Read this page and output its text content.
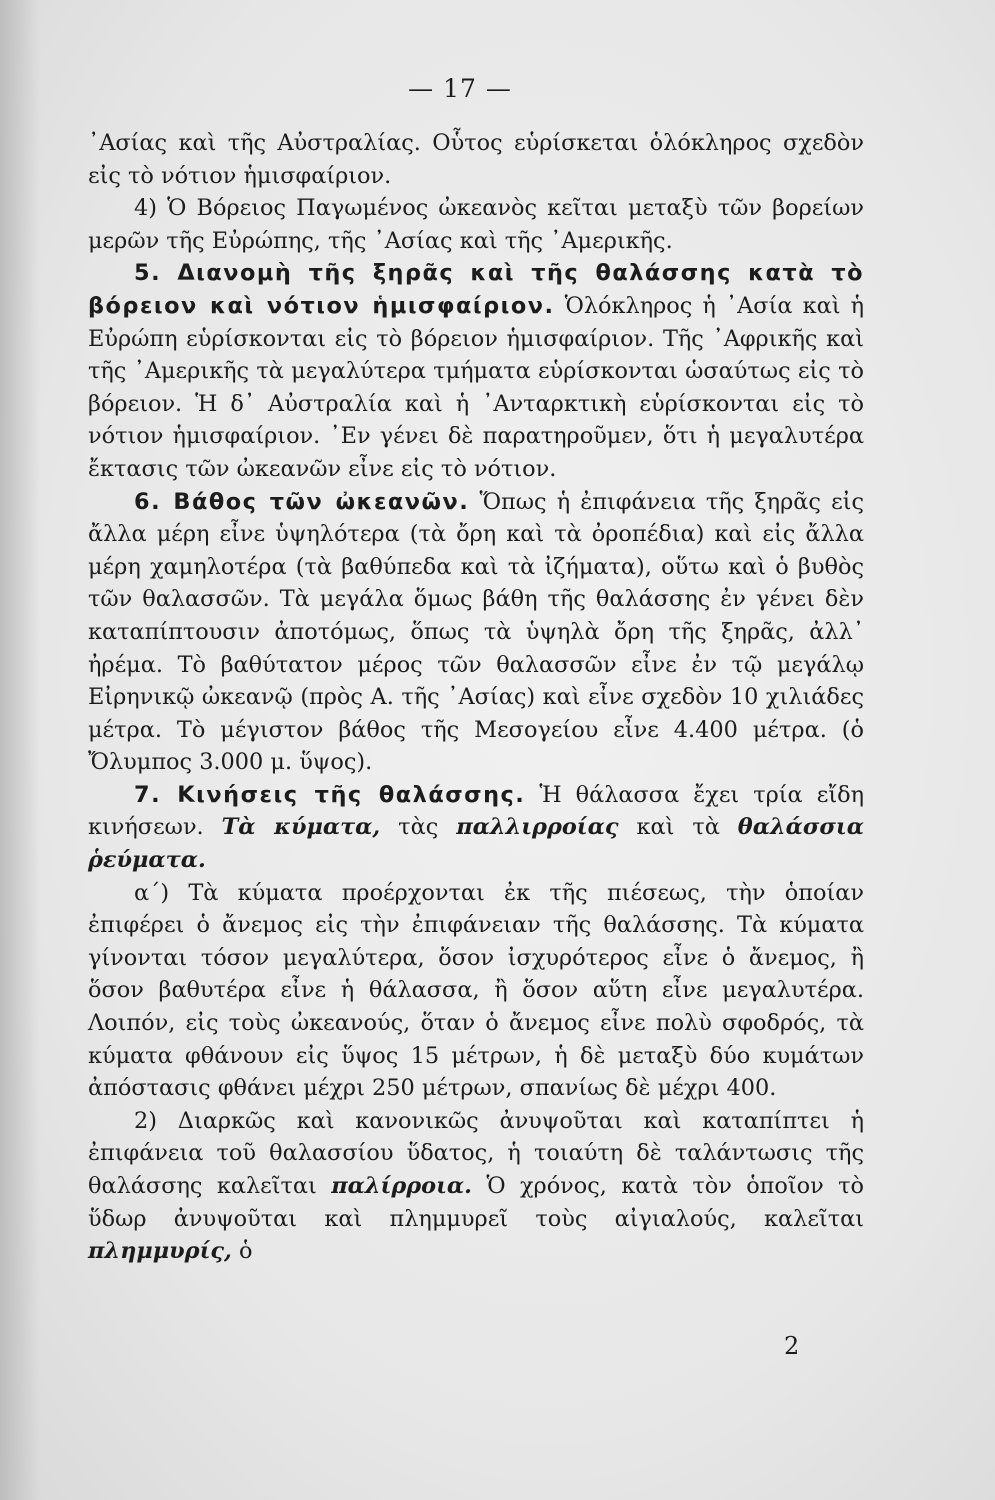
— 17 —

᾿Ασίας καὶ τῆς Αὐστραλίας. Οὗτος εὑρίσκεται ὁλόκληρος σχεδὸν εἰς τὸ νότιον ἡμισφαίριον.

4) Ὁ Βόρειος Παγωμένος ὠκεανὸς κεῖται μεταξὺ τῶν βορείων μερῶν τῆς Εὐρώπης, τῆς ᾿Ασίας καὶ τῆς ᾿Αμερικῆς.

5. Διανομὴ τῆς ξηρᾶς καὶ τῆς θαλάσσης κατὰ τὸ βόρειον καὶ νότιον ἡμισφαίριον. Ὁλόκληρος ἡ ᾿Ασία καὶ ἡ Εὐρώπη εὑρίσκονται εἰς τὸ βόρειον ἡμισφαίριον. Τῆς ᾿Αφρικῆς καὶ τῆς ᾿Αμερικῆς τὰ μεγαλύτερα τμήματα εὑρίσκονται ὡσαύτως εἰς τὸ βόρειον. Ἡ δ᾿ Αὐστραλία καὶ ἡ ᾿Ανταρκτικὴ εὑρίσκονται εἰς τὸ νότιον ἡμισφαίριον. ᾿Εν γένει δὲ παρατηροῦμεν, ὅτι ἡ μεγαλυτέρα ἔκτασις τῶν ὠκεανῶν εἶνε εἰς τὸ νότιον.

6. Βάθος τῶν ὠκεανῶν. Ὅπως ἡ ἐπιφάνεια τῆς ξηρᾶς εἰς ἄλλα μέρη εἶνε ὑψηλότερα (τὰ ὄρη καὶ τὰ ὀροπέδια) καὶ εἰς ἄλλα μέρη χαμηλοτέρα (τὰ βαθύπεδα καὶ τὰ ἰζήματα), οὕτω καὶ ὁ βυθὸς τῶν θαλασσῶν. Τὰ μεγάλα ὅμως βάθη τῆς θαλάσσης ἐν γένει δὲν καταπίπτουσιν ἀποτόμως, ὅπως τὰ ὑψηλὰ ὄρη τῆς ξηρᾶς, ἀλλ᾿ ἠρέμα. Τὸ βαθύτατον μέρος τῶν θαλασσῶν εἶνε ἐν τῷ μεγάλῳ Εἰρηνικῷ ὠκεανῷ (πρὸς Α. τῆς ᾿Ασίας) καὶ εἶνε σχεδὸν 10 χιλιάδες μέτρα. Τὸ μέγιστον βάθος τῆς Μεσογείου εἶνε 4.400 μέτρα. (ὁ Ὄλυμπος 3.000 μ. ὕψος).

7. Κινήσεις τῆς θαλάσσης. Ἡ θάλασσα ἔχει τρία εἴδη κινήσεων. Τὰ κύματα, τὰς παλλιρροίας καὶ τὰ θαλάσσια ῥεύματα.

α΄) Τὰ κύματα προέρχονται ἐκ τῆς πιέσεως, τὴν ὁποίαν ἐπιφέρει ὁ ἄνεμος εἰς τὴν ἐπιφάνειαν τῆς θαλάσσης. Τὰ κύματα γίνονται τόσον μεγαλύτερα, ὅσον ἰσχυρότερος εἶνε ὁ ἄνεμος, ἢ ὅσον βαθυτέρα εἶνε ἡ θάλασσα, ἢ ὅσον αὕτη εἶνε μεγαλυτέρα. Λοιπόν, εἰς τοὺς ὠκεανούς, ὅταν ὁ ἄνεμος εἶνε πολὺ σφοδρός, τὰ κύματα φθάνουν εἰς ὕψος 15 μέτρων, ἡ δὲ μεταξὺ δύο κυμάτων ἀπόστασις φθάνει μέχρι 250 μέτρων, σπανίως δὲ μέχρι 400.

2) Διαρκῶς καὶ κανονικῶς ἀνυψοῦται καὶ καταπίπτει ἡ ἐπιφάνεια τοῦ θαλασσίου ὕδατος, ἡ τοιαύτη δὲ ταλάντωσις τῆς θαλάσσης καλεῖται παλίρροια. Ὁ χρόνος, κατὰ τὸν ὁποῖον τὸ ὕδωρ ἀνυψοῦται καὶ πλημμυρεῖ τοὺς αἰγιαλούς, καλεῖται πλημμυρίς, ὁ

2
